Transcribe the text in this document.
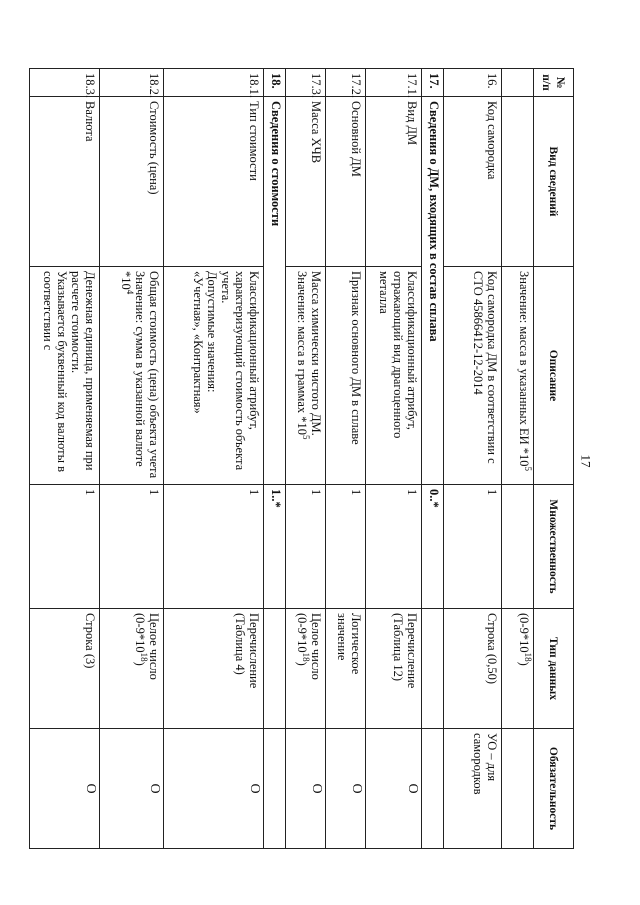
17
№ п/п	Вид сведений	Описание	Множественность	Тип данных	Обязательность
		Значение: масса в указанных ЕИ $*10^5$		$(0-9*10^{18})$	
16.	Код самородка	Код самородка ДМ в соответствии с СТО 45866412-12-2014	1	Строка (0,50)	УО – для самородков
17.	Сведения о ДМ, входящих в состав сплава		0..*		
17.1.	Вид ДМ	Классификационный атрибут, отражающий вид драгоценного металла	1	Перечисление (Таблица 12)	О
17.2.	Основной ДМ	Признак основного ДМ в сплаве	1	Логическое значение	О
17.3.	Масса ХЧВ	Масса химически чистого ДМ.
Значение: масса в граммах $*10^5$	1	Целое число
$(0-9*10^{18})$	О
18.	Сведения о стоимости		1..*		
18.1.	Тип стоимости	Классификационный атрибут, характеризующий стоимость объекта учета.
Допустимые значения:
«Учетная», «Контрактная»	1	Перечисление (Таблица 4)	О
18.2.	Стоимость (цена)	Общая стоимость (цена) объекта учета
Значение: сумма в указанной валюте $*10^4$	1	Целое число
$(0-9*10^{18})$	О
18.3.	Валюта	Денежная единица, применяемая при расчете стоимости.
Указывается буквенный код валюты в соответствии с	1	Строка (3)	О
